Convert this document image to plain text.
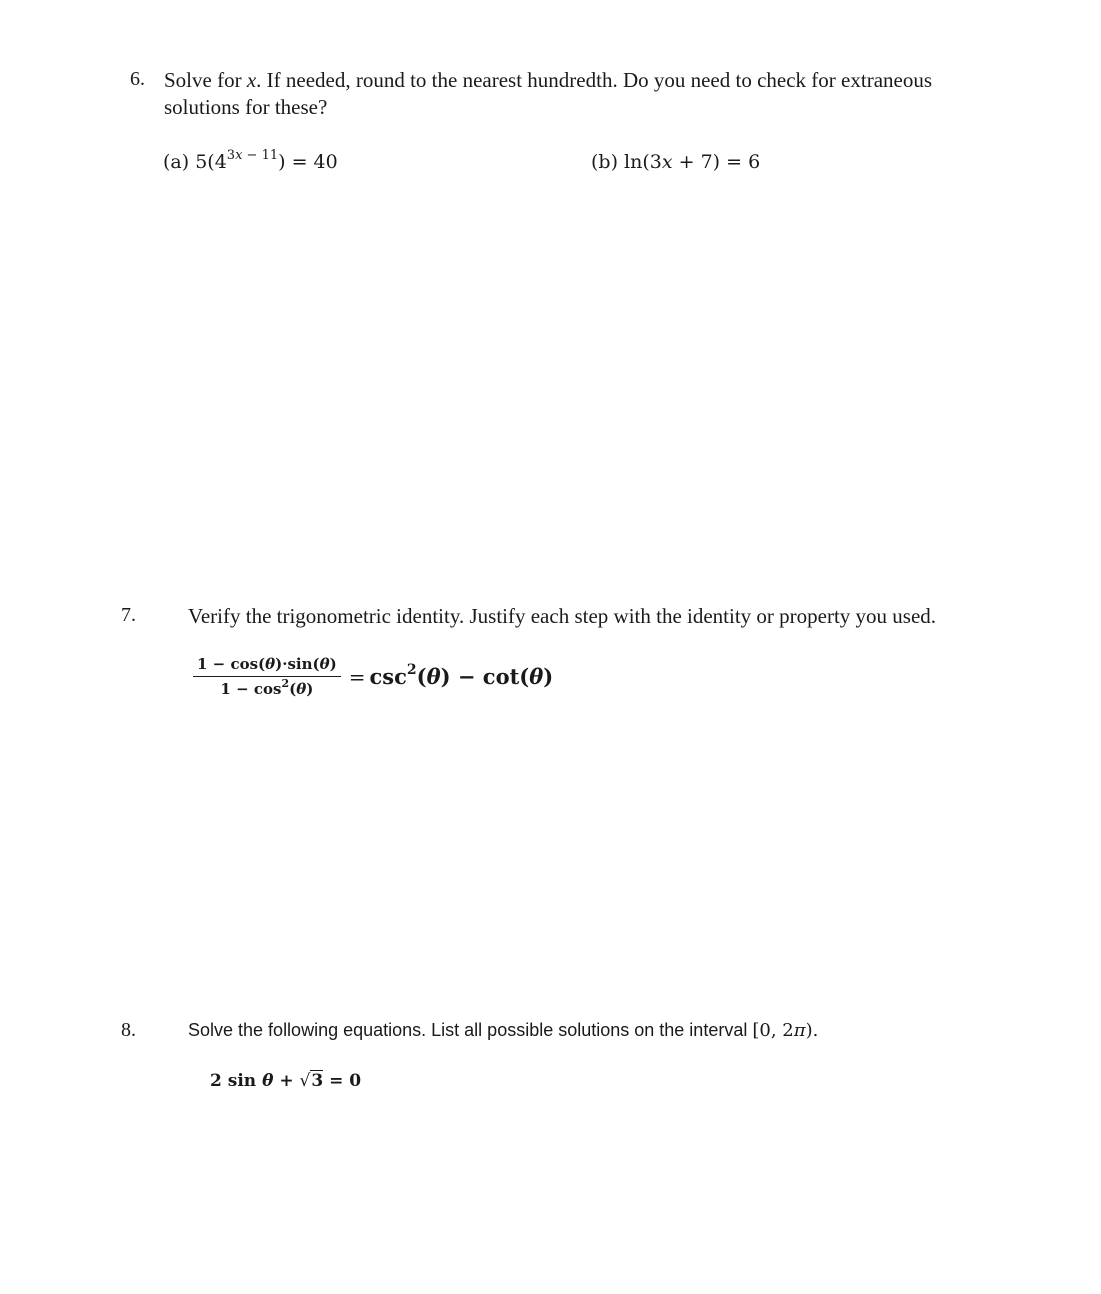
6. Solve for x. If needed, round to the nearest hundredth. Do you need to check for extraneous
solutions for these?
(a) $5(4^{3x - 11}) = 40$	(b) ln(3x + 7) = 6
7. Verify the trigonometric identity. Justify each step with the identity or property you used.
$\frac{1 - \cos(\theta)\cdot\sin(\theta)}{1 - \cos^2(\theta)} = \csc^2(\theta) - \cot(\theta)$
8.	Solve the following equations. List all possible solutions on the interval [0, 2π).
2 sin θ + √3 = 0
